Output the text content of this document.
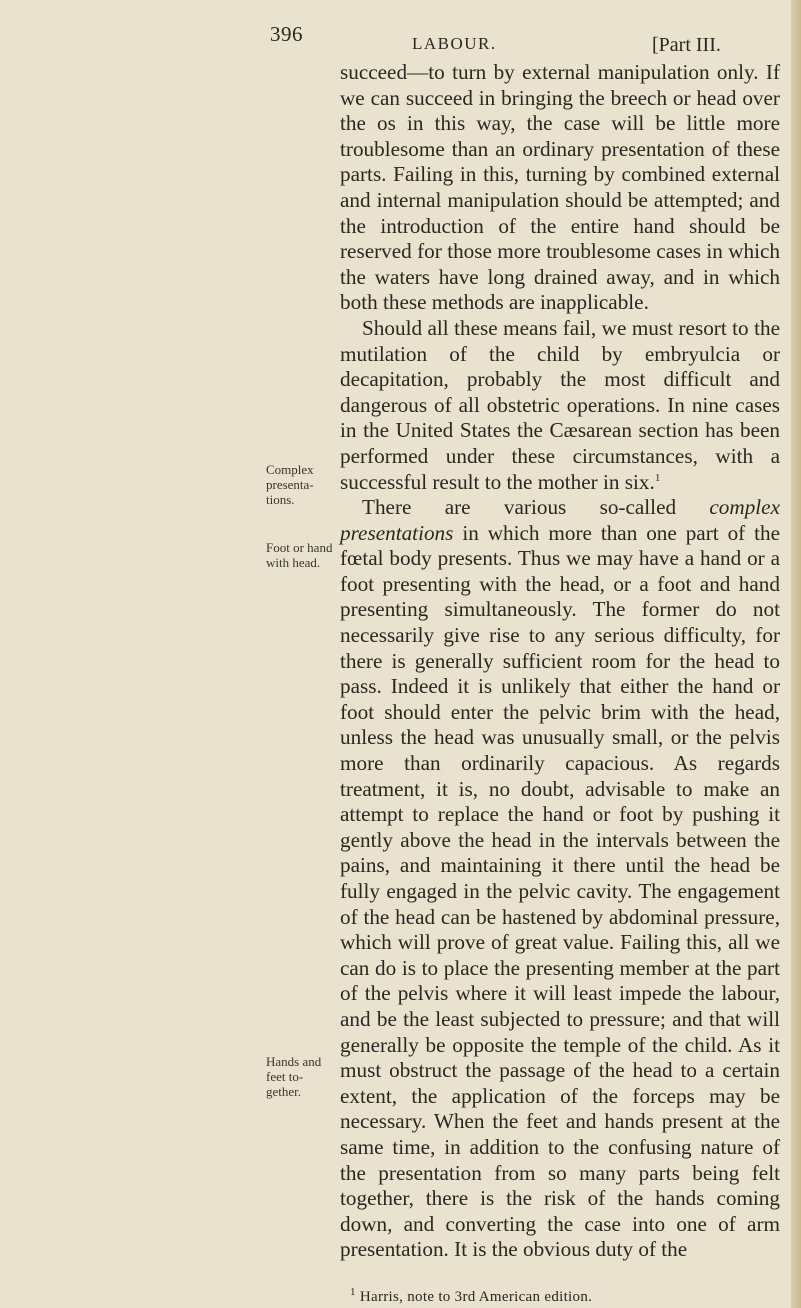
396	LABOUR.	[Part III.

succeed—to turn by external manipulation only. If we can succeed in bringing the breech or head over the os in this way, the case will be little more troublesome than an ordinary presentation of these parts. Failing in this, turning by combined external and internal manipulation should be attempted; and the introduction of the entire hand should be reserved for those more troublesome cases in which the waters have long drained away, and in which both these methods are inapplicable.

Should all these means fail, we must resort to the mutilation of the child by embryulcia or decapitation, probably the most difficult and dangerous of all obstetric operations. In nine cases in the United States the Cæsarean section has been performed under these circumstances, with a successful result to the mother in six.$^1$

There are various so-called complex presentations in which more than one part of the fœtal body presents. Thus we may have a hand or a foot presenting with the head, or a foot and hand presenting simultaneously. The former do not necessarily give rise to any serious difficulty, for there is generally sufficient room for the head to pass. Indeed it is unlikely that either the hand or foot should enter the pelvic brim with the head, unless the head was unusually small, or the pelvis more than ordinarily capacious. As regards treatment, it is, no doubt, advisable to make an attempt to replace the hand or foot by pushing it gently above the head in the intervals between the pains, and maintaining it there until the head be fully engaged in the pelvic cavity. The engagement of the head can be hastened by abdominal pressure, which will prove of great value. Failing this, all we can do is to place the presenting member at the part of the pelvis where it will least impede the labour, and be the least subjected to pressure; and that will generally be opposite the temple of the child. As it must obstruct the passage of the head to a certain extent, the application of the forceps may be necessary. When the feet and hands present at the same time, in addition to the confusing nature of the presentation from so many parts being felt together, there is the risk of the hands coming down, and converting the case into one of arm presentation. It is the obvious duty of the

Complex presenta-tions.
Foot or hand with head.
Hands and feet to-gether.
$^1$ Harris, note to 3rd American edition.
